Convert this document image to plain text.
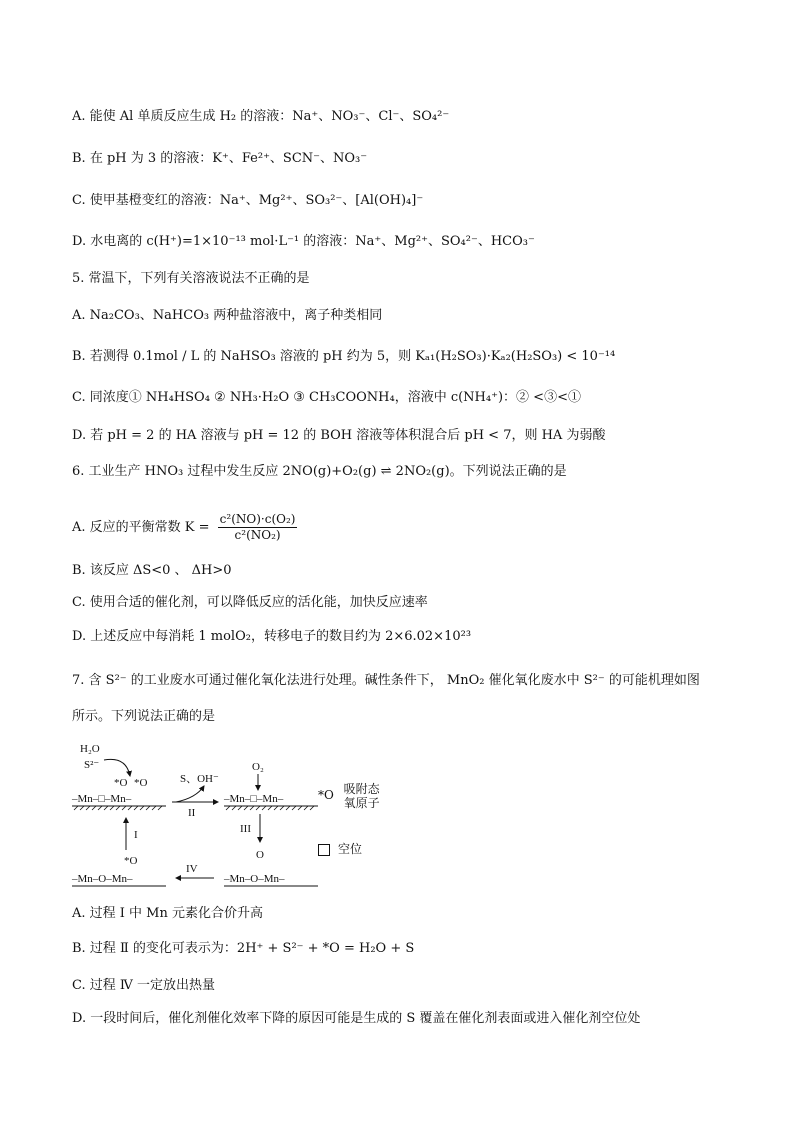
A. 能使 Al 单质反应生成 H₂ 的溶液：Na⁺、NO₃⁻、Cl⁻、SO₄²⁻
B. 在 pH 为 3 的溶液：K⁺、Fe²⁺、SCN⁻、NO₃⁻
C. 使甲基橙变红的溶液：Na⁺、Mg²⁺、SO₃²⁻、[Al(OH)₄]⁻
D. 水电离的 c(H⁺)=1×10⁻¹³ mol·L⁻¹ 的溶液：Na⁺、Mg²⁺、SO₄²⁻、HCO₃⁻
5. 常温下，下列有关溶液说法不正确的是
A. Na₂CO₃、NaHCO₃ 两种盐溶液中，离子种类相同
B. 若测得 0.1mol / L 的 NaHSO₃ 溶液的 pH 约为 5，则 Kₐ₁(H₂SO₃)·Kₐ₂(H₂SO₃) < 10⁻¹⁴
C. 同浓度① NH₄HSO₄ ② NH₃·H₂O ③ CH₃COONH₄，溶液中 c(NH₄⁺)：② <③<①
D. 若 pH = 2 的 HA 溶液与 pH = 12 的 BOH 溶液等体积混合后 pH < 7，则 HA 为弱酸
6. 工业生产 HNO₃ 过程中发生反应 2NO(g)+O₂(g) ⇌ 2NO₂(g)。下列说法正确的是
A. 反应的平衡常数 $K = \frac{\text{c²(NO)·c(O₂)}}{\text{c²(NO₂)}}$
B. 该反应 ΔS<0 、 ΔH>0
C. 使用合适的催化剂，可以降低反应的活化能，加快反应速率
D. 上述反应中每消耗 1 molO₂，转移电子的数目约为 2×6.02×10²³
7. 含 S²⁻ 的工业废水可通过催化氧化法进行处理。碱性条件下， MnO₂ 催化氧化废水中 S²⁻ 的可能机理如图
所示。下列说法正确的是
H₂O
S²⁻
*O *O
–Mn–□–Mn–
S、OH⁻
II
O₂
–Mn–□–Mn–
III
O
–Mn–O–Mn–
IV
*O
–Mn–O–Mn–
I
*O 吸附态
氧原子
空位
A. 过程 Ⅰ 中 Mn 元素化合价升高
B. 过程 Ⅱ 的变化可表示为：2H⁺ + S²⁻ + *O = H₂O + S
C. 过程 Ⅳ 一定放出热量
D. 一段时间后，催化剂催化效率下降的原因可能是生成的 S 覆盖在催化剂表面或进入催化剂空位处
